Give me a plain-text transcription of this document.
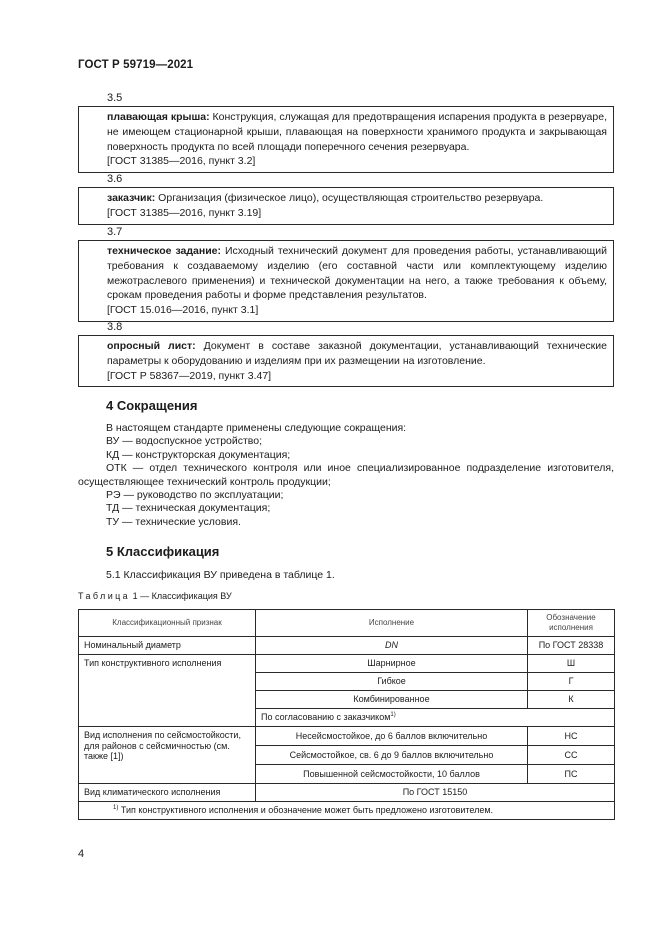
ГОСТ Р 59719—2021
3.5
плавающая крыша: Конструкция, служащая для предотвращения испарения продукта в резервуаре, не имеющем стационарной крыши, плавающая на поверхности хранимого продукта и закрывающая поверхность продукта по всей площади поперечного сечения резервуара.
[ГОСТ 31385—2016, пункт 3.2]
3.6
заказчик: Организация (физическое лицо), осуществляющая строительство резервуара.
[ГОСТ 31385—2016, пункт 3.19]
3.7
техническое задание: Исходный технический документ для проведения работы, устанавливающий требования к создаваемому изделию (его составной части или комплектующему изделию межотраслевого применения) и технической документации на него, а также требования к объему, срокам проведения работы и форме представления результатов.
[ГОСТ 15.016—2016, пункт 3.1]
3.8
опросный лист: Документ в составе заказной документации, устанавливающий технические параметры к оборудованию и изделиям при их размещении на изготовление.
[ГОСТ Р 58367—2019, пункт 3.47]
4 Сокращения
В настоящем стандарте применены следующие сокращения:
ВУ — водоспускное устройство;
КД — конструкторская документация;
ОТК — отдел технического контроля или иное специализированное подразделение изготовителя, осуществляющее технический контроль продукции;
РЭ — руководство по эксплуатации;
ТД — техническая документация;
ТУ — технические условия.
5 Классификация
5.1 Классификация ВУ приведена в таблице 1.
Таблица 1 — Классификация ВУ
Классификационный признак	Исполнение	Обозначение исполнения
Номинальный диаметр	DN	По ГОСТ 28338
Тип конструктивного исполнения	Шарнирное	Ш
	Гибкое	Г
	Комбинированное	К
	По согласованию с заказчиком$^{1)}$
Вид исполнения по сейсмостойкости, для районов с сейсмичностью (см. также [1])	Несейсмостойкое, до 6 баллов включительно	НС
	Сейсмостойкое, св. 6 до 9 баллов включительно	СС
	Повышенной сейсмостойкости, 10 баллов	ПС
Вид климатического исполнения	По ГОСТ 15150	
$^{1)}$ Тип конструктивного исполнения и обозначение может быть предложено изготовителем.		
4
